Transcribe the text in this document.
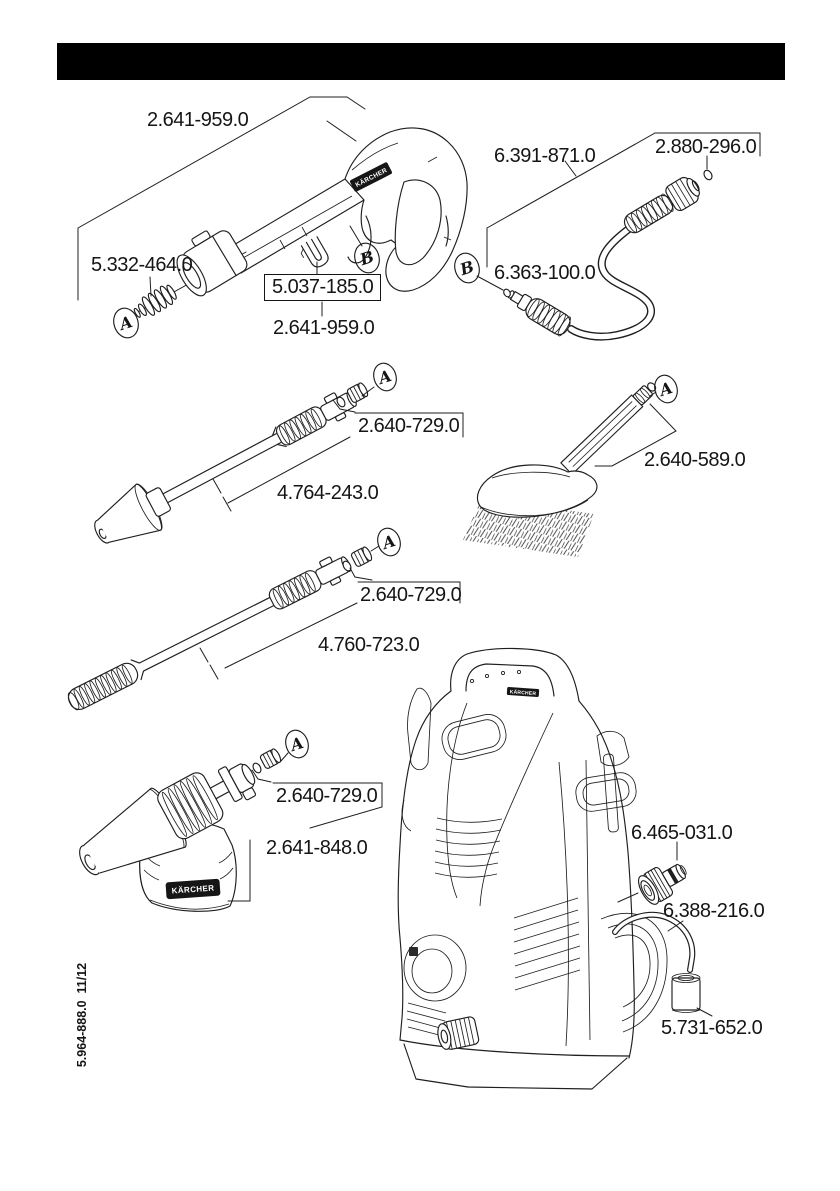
KÄRCHER
KÄRCHER
KÄRCHER
A
B	B
A
A
A
A
2.641-959.0
5.332-464.0
5.037-185.0
2.641-959.0
6.391-871.0	2.880-296.0
6.363-100.0
2.640-729.0
4.764-243.0
2.640-589.0
2.640-729.0
4.760-723.0
2.640-729.0
2.641-848.0
6.465-031.0
6.388-216.0
5.731-652.0
5.964-888.0  11/12
